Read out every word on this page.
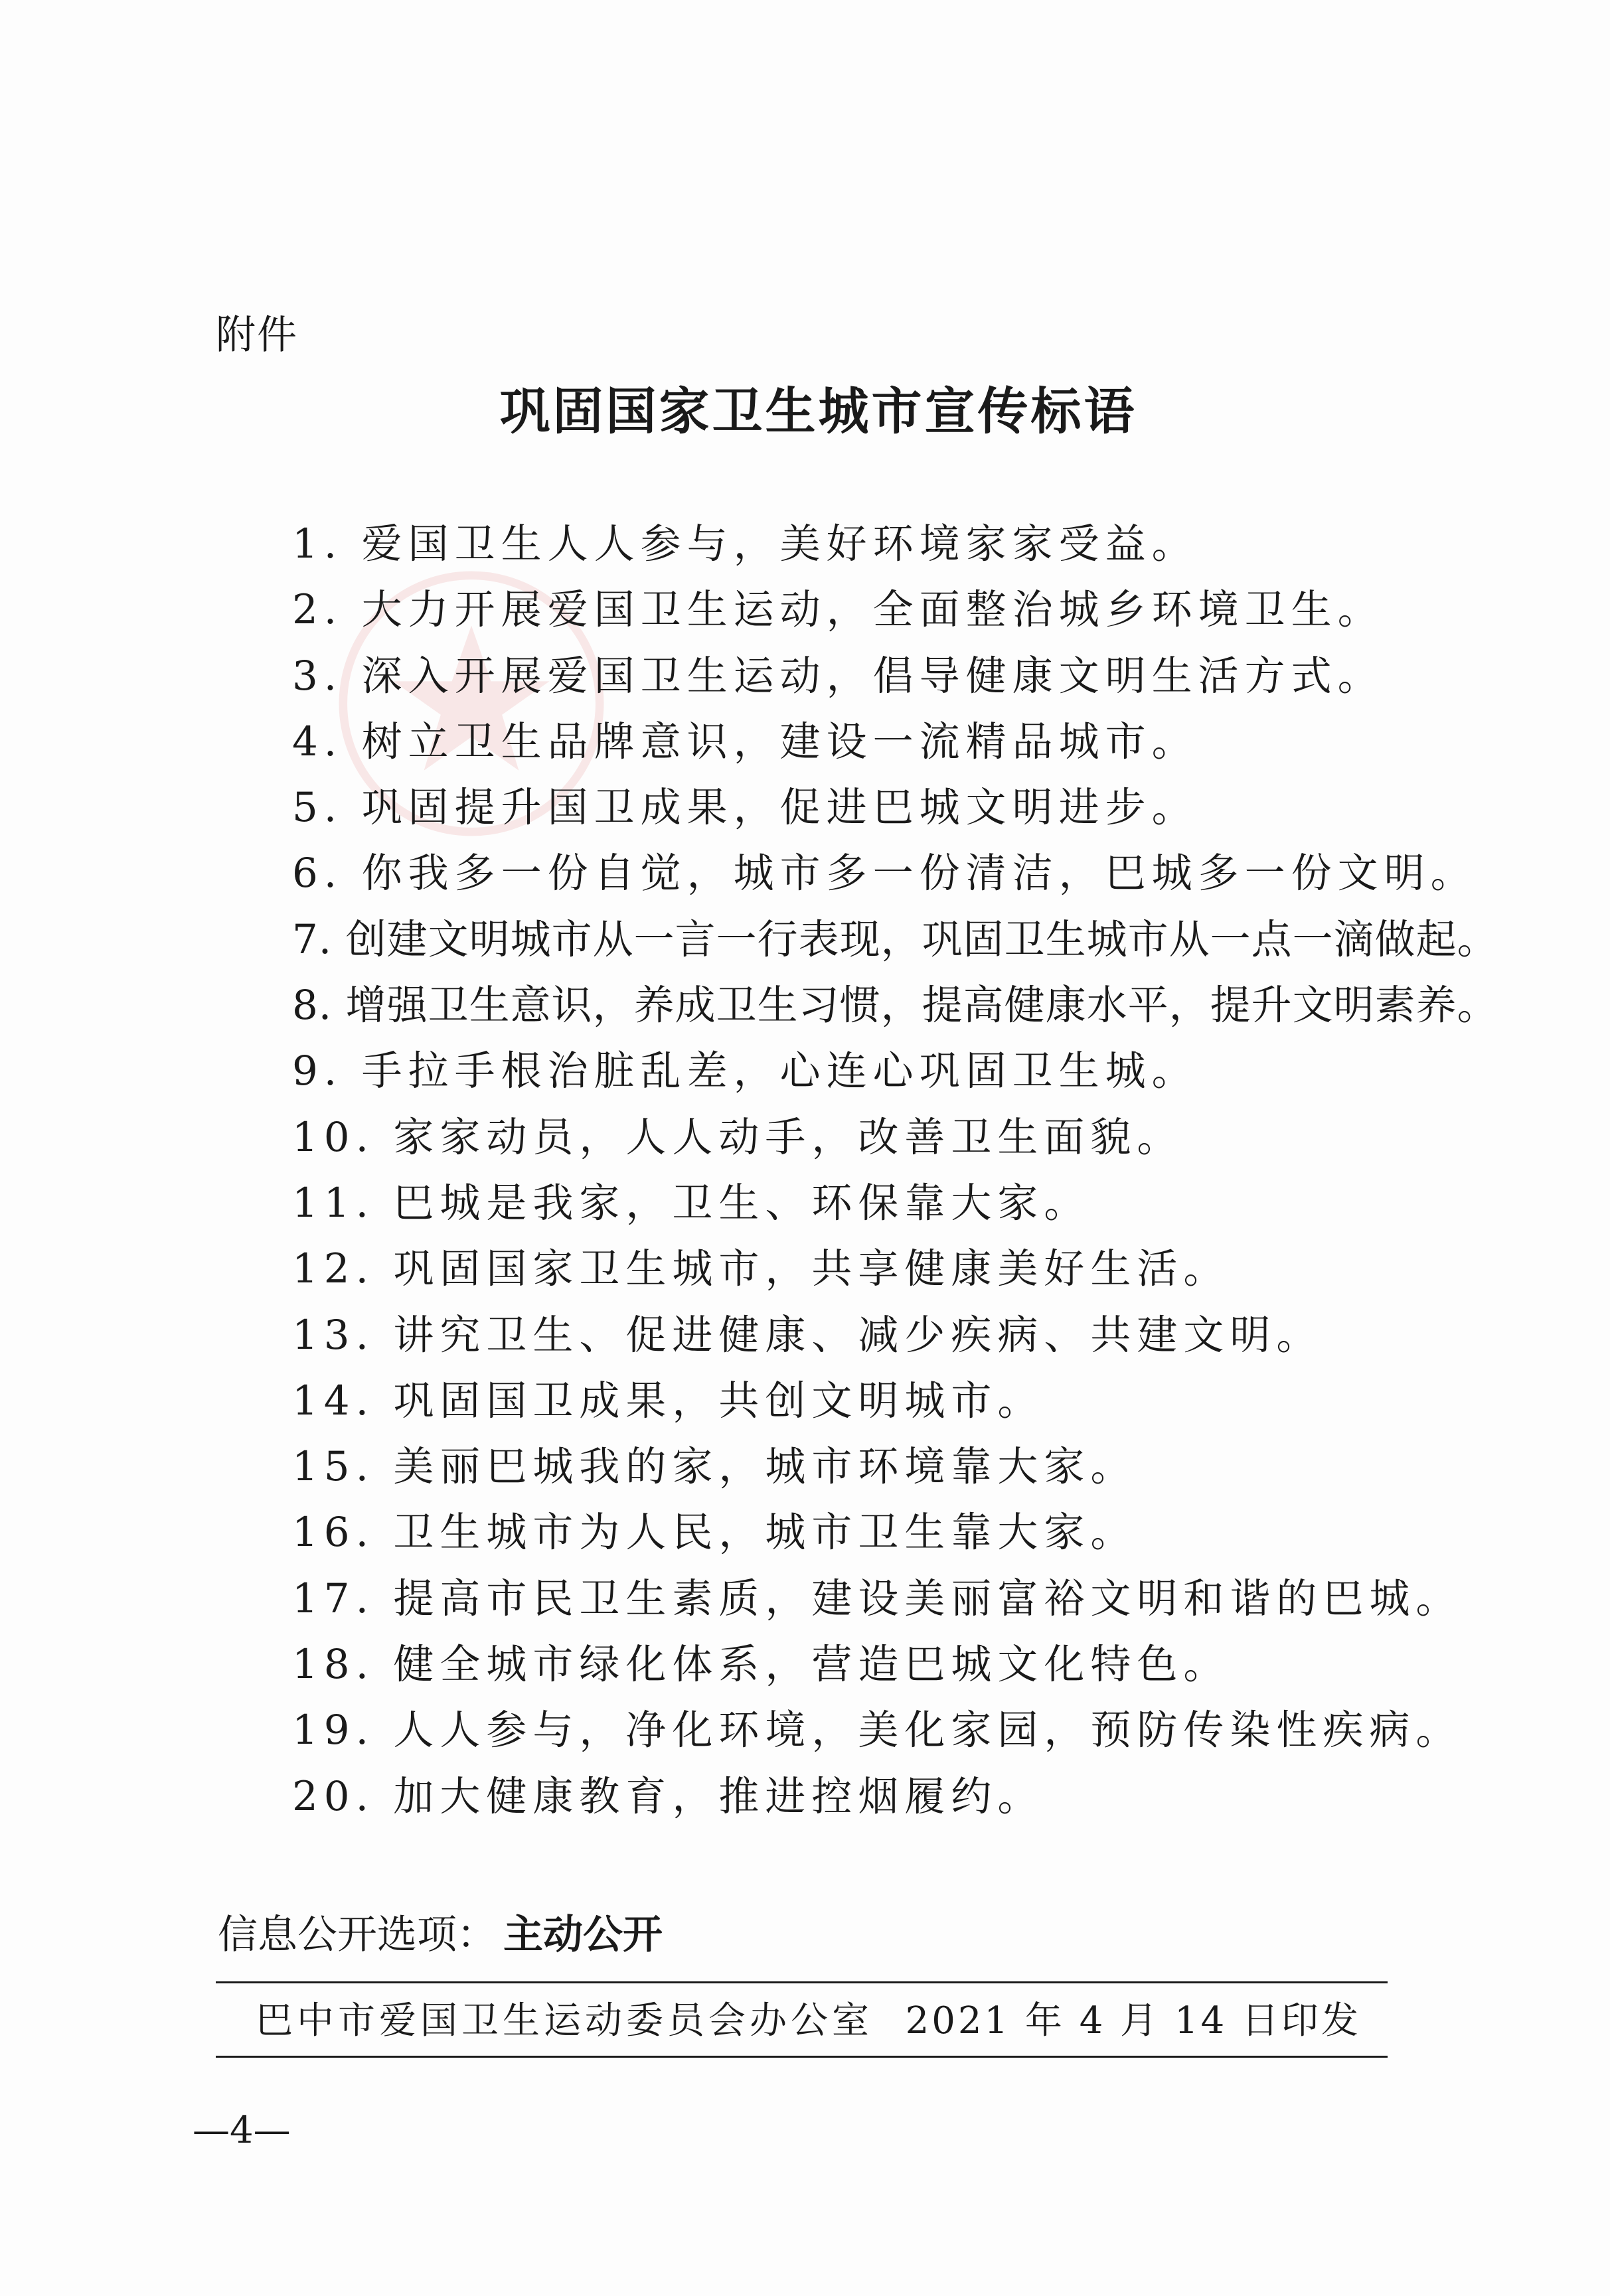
附件
巩固国家卫生城市宣传标语
1. 爱国卫生人人参与，美好环境家家受益。
2. 大力开展爱国卫生运动，全面整治城乡环境卫生。
3. 深入开展爱国卫生运动，倡导健康文明生活方式。
4. 树立卫生品牌意识，建设一流精品城市。
5. 巩固提升国卫成果，促进巴城文明进步。
6. 你我多一份自觉，城市多一份清洁，巴城多一份文明。
7. 创建文明城市从一言一行表现，巩固卫生城市从一点一滴做起。
8. 增强卫生意识，养成卫生习惯，提高健康水平，提升文明素养。
9. 手拉手根治脏乱差，心连心巩固卫生城。
10. 家家动员，人人动手，改善卫生面貌。
11. 巴城是我家，卫生、环保靠大家。
12. 巩固国家卫生城市，共享健康美好生活。
13. 讲究卫生、促进健康、减少疾病、共建文明。
14. 巩固国卫成果，共创文明城市。
15. 美丽巴城我的家，城市环境靠大家。
16. 卫生城市为人民，城市卫生靠大家。
17. 提高市民卫生素质，建设美丽富裕文明和谐的巴城。
18. 健全城市绿化体系，营造巴城文化特色。
19. 人人参与，净化环境，美化家园，预防传染性疾病。
20. 加大健康教育，推进控烟履约。
信息公开选项： 主动公开
巴中市爱国卫生运动委员会办公室 2021 年 4 月 14 日印发
—4—
